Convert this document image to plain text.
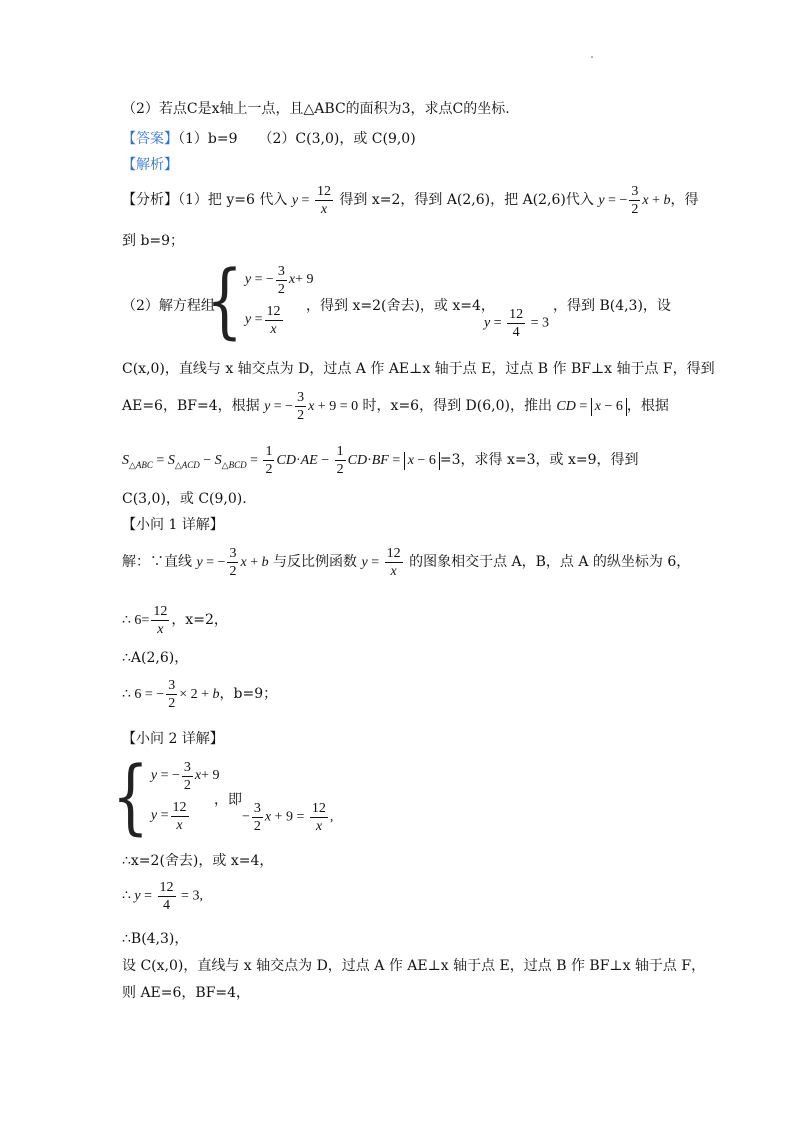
（2）若点C是x轴上一点，且△ABC的面积为3，求点C的坐标.
【答案】（1）b=9　　（2）C(3,0)，或 C(9,0)
【解析】
【分析】（1）把 y=6 代入 $y = \frac{12}{x}$ 得到 x=2，得到 A(2,6)，把 A(2,6)代入 y = − $\frac{3}{2}$ x + b，得
到 b=9；
（2）解方程组
{ y = − $\frac{3}{2}$ x + 9
$y = \frac{12}{x}$ ，得到 x=2(舍去)，或 x=4，
$y = \frac{12}{4} = 3$
，得到 B(4,3)，设
C(x,0)，直线与 x 轴交点为 D，过点 A 作 AE⊥x 轴于点 E，过点 B 作 BF⊥x 轴于点 F，得到
AE=6，BF=4，根据 y = − $\frac{3}{2}$ x + 9 = 0 时，x=6，得到 D(6,0)，推出 CD = x − 6 ，根据
$S_{\triangle ABC} = S_{\triangle ACD} - S_{\triangle BCD} = \frac{1}{2} CD\cdot AE - \frac{1}{2} CD\cdot BF = x - 6 =3$，求得 x=3，或 x=9，得到
C(3,0)，或 C(9,0).
【小问 1 详解】
解：∵直线 y = − $\frac{3}{2}$ x + b 与反比例函数 $y = \frac{12}{x}$ 的图象相交于点 A，B，点 A 的纵坐标为 6，
∴ $6= \frac{12}{x}$ ，x=2，
∴A(2,6)，
∴ 6 = − $\frac{3}{2} \times 2 + b$，b=9；
【小问 2 详解】
{ y = − $\frac{3}{2}$ x + 9
$y = \frac{12}{x}$ ，即
− $\frac{3}{2}$ $x + 9 = \frac{12}{x}$ ,
∴x=2(舍去)，或 x=4，
∴ $y = \frac{12}{4} = 3$,
∴B(4,3)，
设 C(x,0)，直线与 x 轴交点为 D，过点 A 作 AE⊥x 轴于点 E，过点 B 作 BF⊥x 轴于点 F，
则 AE=6，BF=4，
